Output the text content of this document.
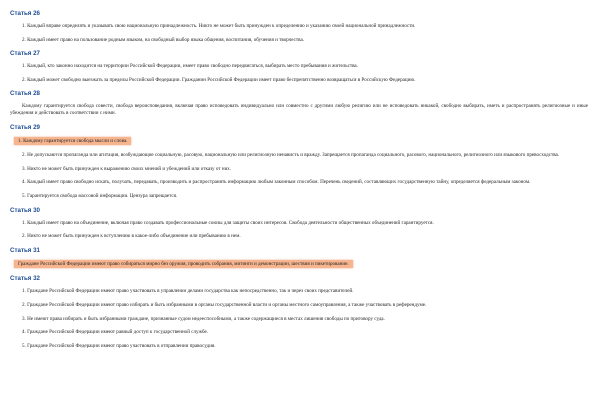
Статья 26

1. Каждый вправе определять и указывать свою национальную принадлежность. Никто не может быть принужден к определению и указанию своей национальной принадлежности.

2. Каждый имеет право на пользование родным языком, на свободный выбор языка общения, воспитания, обучения и творчества.

Статья 27

1. Каждый, кто законно находится на территории Российской Федерации, имеет право свободно передвигаться, выбирать место пребывания и жительства.

2. Каждый может свободно выезжать за пределы Российской Федерации. Гражданин Российской Федерации имеет право беспрепятственно возвращаться в Российскую Федерацию.

Статья 28

Каждому гарантируется свобода совести, свобода вероисповедания, включая право исповедовать индивидуально или совместно с другими любую религию или не исповедовать никакой, свободно выбирать, иметь и распространять религиозные и иные убеждения и действовать в соответствии с ними.

Статья 29

1. Каждому гарантируется свобода мысли и слова.

2. Не допускаются пропаганда или агитация, возбуждающие социальную, расовую, национальную или религиозную ненависть и вражду. Запрещается пропаганда социального, расового, национального, религиозного или языкового превосходства.

3. Никто не может быть принужден к выражению своих мнений и убеждений или отказу от них.

4. Каждый имеет право свободно искать, получать, передавать, производить и распространять информацию любым законным способом. Перечень сведений, составляющих государственную тайну, определяется федеральным законом.

5. Гарантируется свобода массовой информации. Цензура запрещается.

Статья 30

1. Каждый имеет право на объединение, включая право создавать профессиональные союзы для защиты своих интересов. Свобода деятельности общественных объединений гарантируется.

2. Никто не может быть принужден к вступлению в какое-либо объединение или пребыванию в нем.

Статья 31

Граждане Российской Федерации имеют право собираться мирно без оружия, проводить собрания, митинги и демонстрации, шествия и пикетирование.

Статья 32

1. Граждане Российской Федерации имеют право участвовать в управлении делами государства как непосредственно, так и через своих представителей.

2. Граждане Российской Федерации имеют право избирать и быть избранными в органы государственной власти и органы местного самоуправления, а также участвовать в референдуме.

3. Не имеют права избирать и быть избранными граждане, признанные судом недееспособными, а также содержащиеся в местах лишения свободы по приговору суда.

4. Граждане Российской Федерации имеют равный доступ к государственной службе.

5. Граждане Российской Федерации имеют право участвовать в отправлении правосудия.
